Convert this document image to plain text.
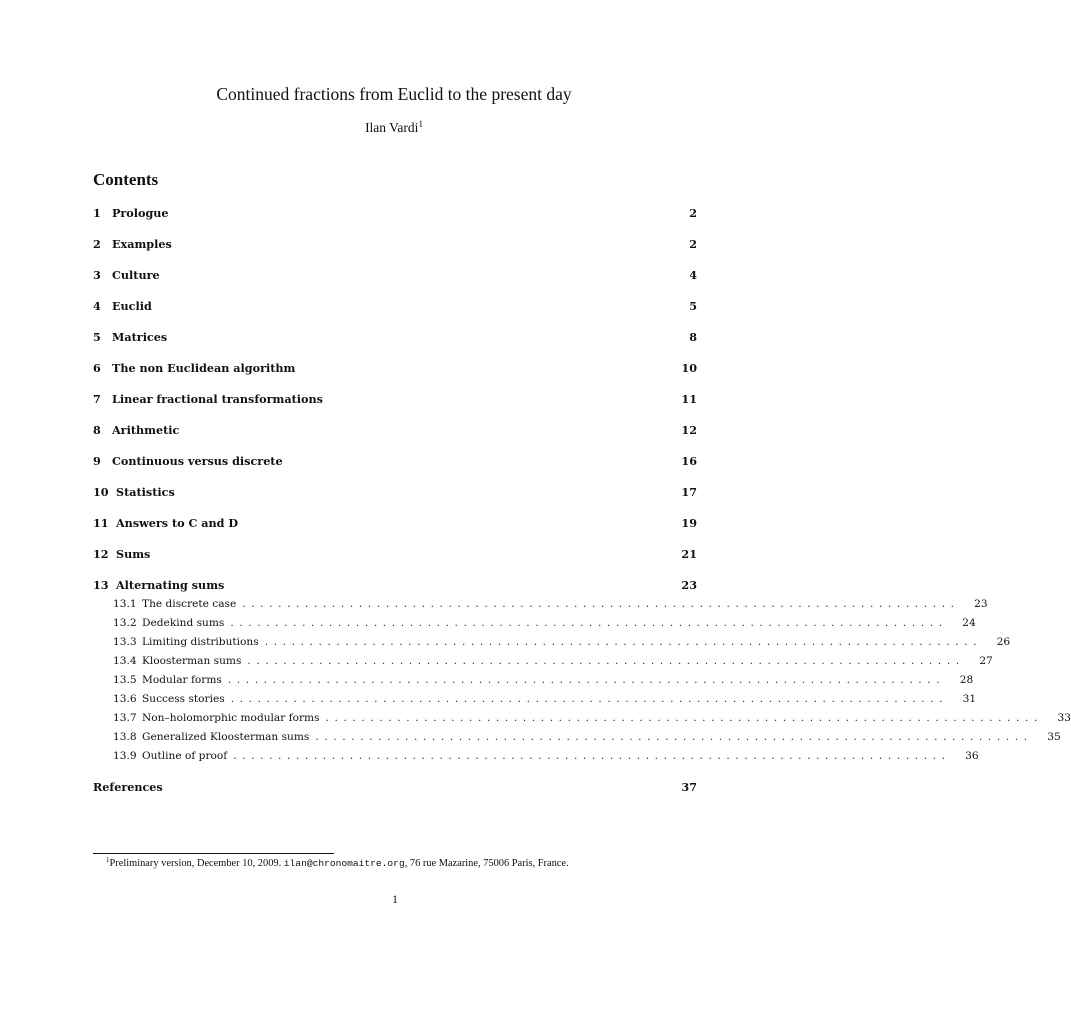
Continued fractions from Euclid to the present day
Ilan Vardi$^1$
Contents
1	Prologue	2
2	Examples	2
3	Culture	4
4	Euclid	5
5	Matrices	8
6	The non Euclidean algorithm	10
7	Linear fractional transformations	11
8	Arithmetic	12
9	Continuous versus discrete	16
10 Statistics	17
11 Answers to C and D	19
12 Sums	21
13 Alternating sums	23
13.1 The discrete case ................................................................................	23
13.2 Dedekind sums ................................................................................	24
13.3 Limiting distributions ................................................................................	26
13.4 Kloosterman sums ................................................................................	27
13.5 Modular forms ................................................................................	28
13.6 Success stories ................................................................................	31
13.7 Non–holomorphic modular forms ................................................................................	33
13.8 Generalized Kloosterman sums ................................................................................	35
13.9 Outline of proof ................................................................................	36
References	37
$^1$Preliminary version, December 10, 2009. ilan@chronomaitre.org, 76 rue Mazarine, 75006 Paris, France.
1
